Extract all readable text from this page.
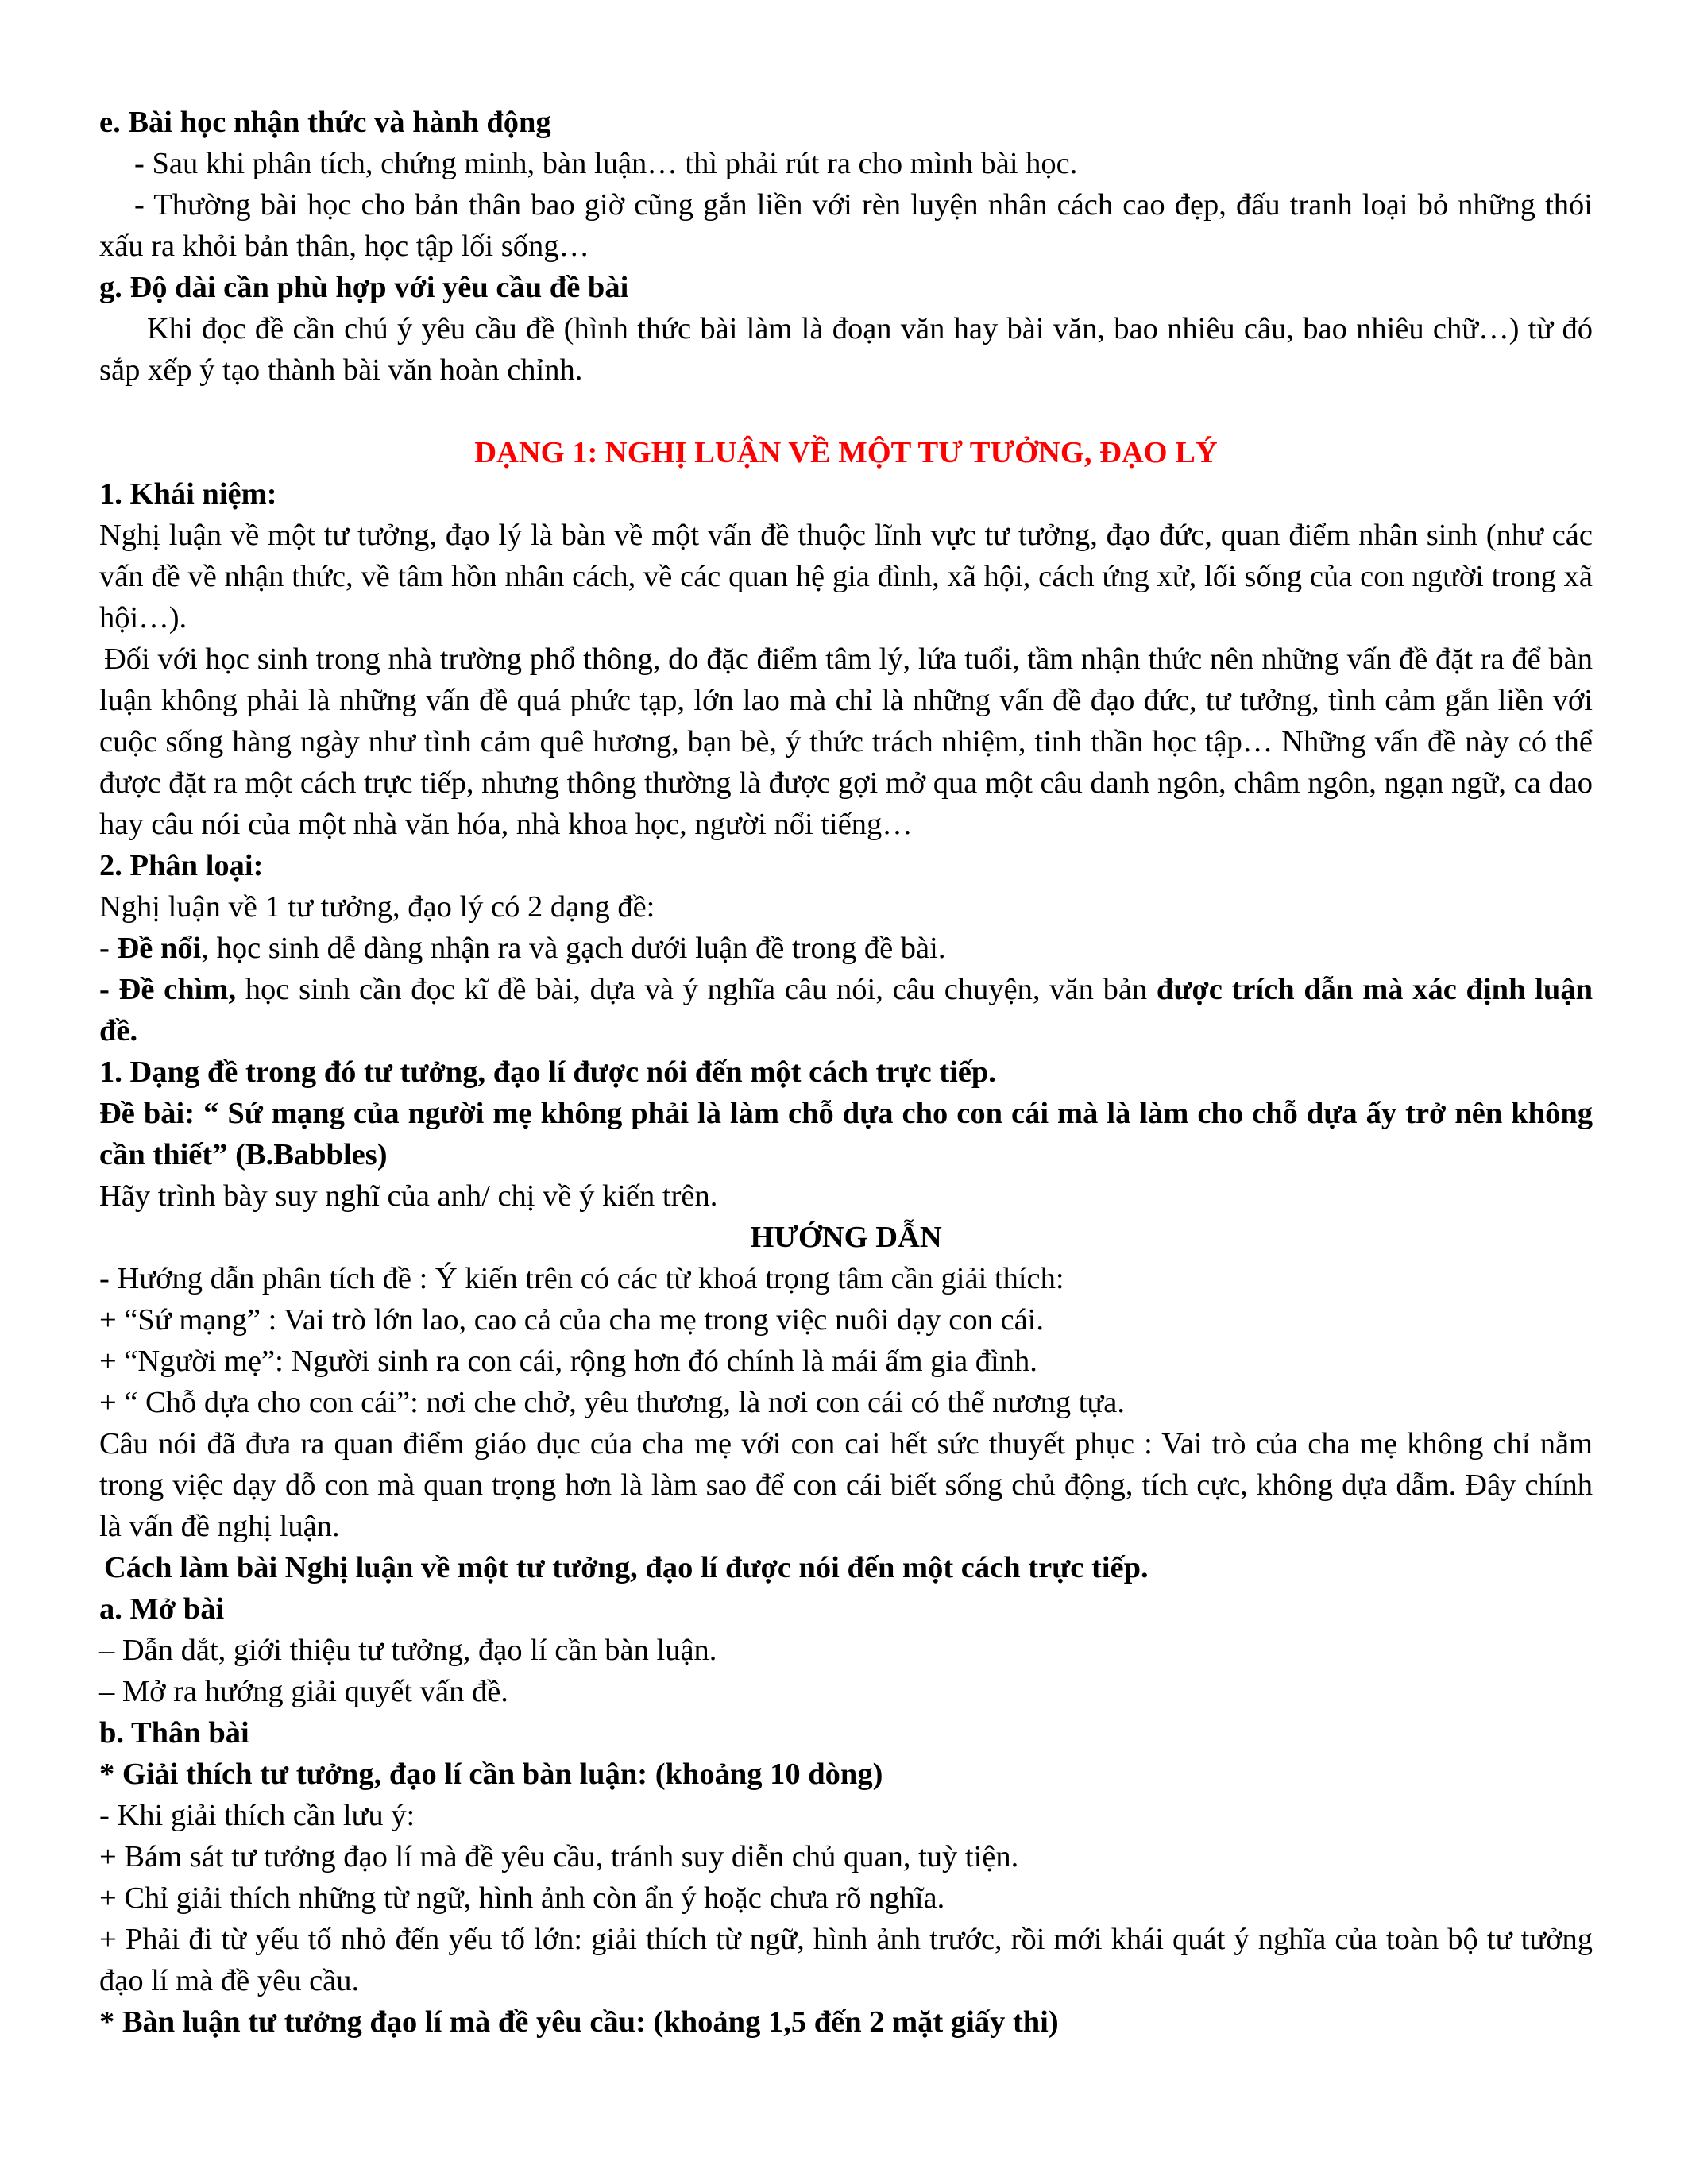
e. Bài học nhận thức và hành động

- Sau khi phân tích, chứng minh, bàn luận… thì phải rút ra cho mình bài học.

- Thường bài học cho bản thân bao giờ cũng gắn liền với rèn luyện nhân cách cao đẹp, đấu tranh loại bỏ những thói xấu ra khỏi bản thân, học tập lối sống…

g. Độ dài cần phù hợp với yêu cầu đề bài

Khi đọc đề cần chú ý yêu cầu đề (hình thức bài làm là đoạn văn hay bài văn, bao nhiêu câu, bao nhiêu chữ…) từ đó sắp xếp ý tạo thành bài văn hoàn chỉnh.

DẠNG 1: NGHỊ LUẬN VỀ MỘT TƯ TƯỞNG, ĐẠO LÝ

1. Khái niệm:

Nghị luận về một tư tưởng, đạo lý là bàn về một vấn đề thuộc lĩnh vực tư tưởng, đạo đức, quan điểm nhân sinh (như các vấn đề về nhận thức, về tâm hồn nhân cách, về các quan hệ gia đình, xã hội, cách ứng xử, lối sống của con người trong xã hội…).

Đối với học sinh trong nhà trường phổ thông, do đặc điểm tâm lý, lứa tuổi, tầm nhận thức nên những vấn đề đặt ra để bàn luận không phải là những vấn đề quá phức tạp, lớn lao mà chỉ là những vấn đề đạo đức, tư tưởng, tình cảm gắn liền với cuộc sống hàng ngày như tình cảm quê hương, bạn bè, ý thức trách nhiệm, tinh thần học tập… Những vấn đề này có thể được đặt ra một cách trực tiếp, nhưng thông thường là được gợi mở qua một câu danh ngôn, châm ngôn, ngạn ngữ, ca dao hay câu nói của một nhà văn hóa, nhà khoa học, người nổi tiếng…

2. Phân loại:

Nghị luận về 1 tư tưởng, đạo lý có 2 dạng đề:

- Đề nổi, học sinh dễ dàng nhận ra và gạch dưới luận đề trong đề bài.

- Đề chìm, học sinh cần đọc kĩ đề bài, dựa và ý nghĩa câu nói, câu chuyện, văn bản được trích dẫn mà xác định luận đề.

1. Dạng đề trong đó tư tưởng, đạo lí được nói đến một cách trực tiếp.

Đề bài: “ Sứ mạng của người mẹ không phải là làm chỗ dựa cho con cái mà là làm cho chỗ dựa ấy trở nên không cần thiết” (B.Babbles)

Hãy trình bày suy nghĩ của anh/ chị về ý kiến trên.

HƯỚNG DẪN

- Hướng dẫn phân tích đề : Ý kiến trên có các từ khoá trọng tâm cần giải thích:

+ “Sứ mạng” : Vai trò lớn lao, cao cả của cha mẹ trong việc nuôi dạy con cái.

+ “Người mẹ”: Người sinh ra con cái, rộng hơn đó chính là mái ấm gia đình.

+ “ Chỗ dựa cho con cái”: nơi che chở, yêu thương, là nơi con cái có thể nương tựa.

Câu nói đã đưa ra quan điểm giáo dục của cha mẹ với con cai hết sức thuyết phục : Vai trò của cha mẹ không chỉ nằm trong việc dạy dỗ con mà quan trọng hơn là làm sao để con cái biết sống chủ động, tích cực, không dựa dẫm. Đây chính là vấn đề nghị luận.

Cách làm bài Nghị luận về một tư tưởng, đạo lí được nói đến một cách trực tiếp.

a. Mở bài

– Dẫn dắt, giới thiệu tư tưởng, đạo lí cần bàn luận.

– Mở ra hướng giải quyết vấn đề.

b. Thân bài

* Giải thích tư tưởng, đạo lí cần bàn luận: (khoảng 10 dòng)

- Khi giải thích cần lưu ý:

+ Bám sát tư tưởng đạo lí mà đề yêu cầu, tránh suy diễn chủ quan, tuỳ tiện.

+ Chỉ giải thích những từ ngữ, hình ảnh còn ẩn ý hoặc chưa rõ nghĩa.

+ Phải đi từ yếu tố nhỏ đến yếu tố lớn: giải thích từ ngữ, hình ảnh trước, rồi mới khái quát ý nghĩa của toàn bộ tư tưởng đạo lí mà đề yêu cầu.

* Bàn luận tư tưởng đạo lí mà đề yêu cầu: (khoảng 1,5 đến 2 mặt giấy thi)
